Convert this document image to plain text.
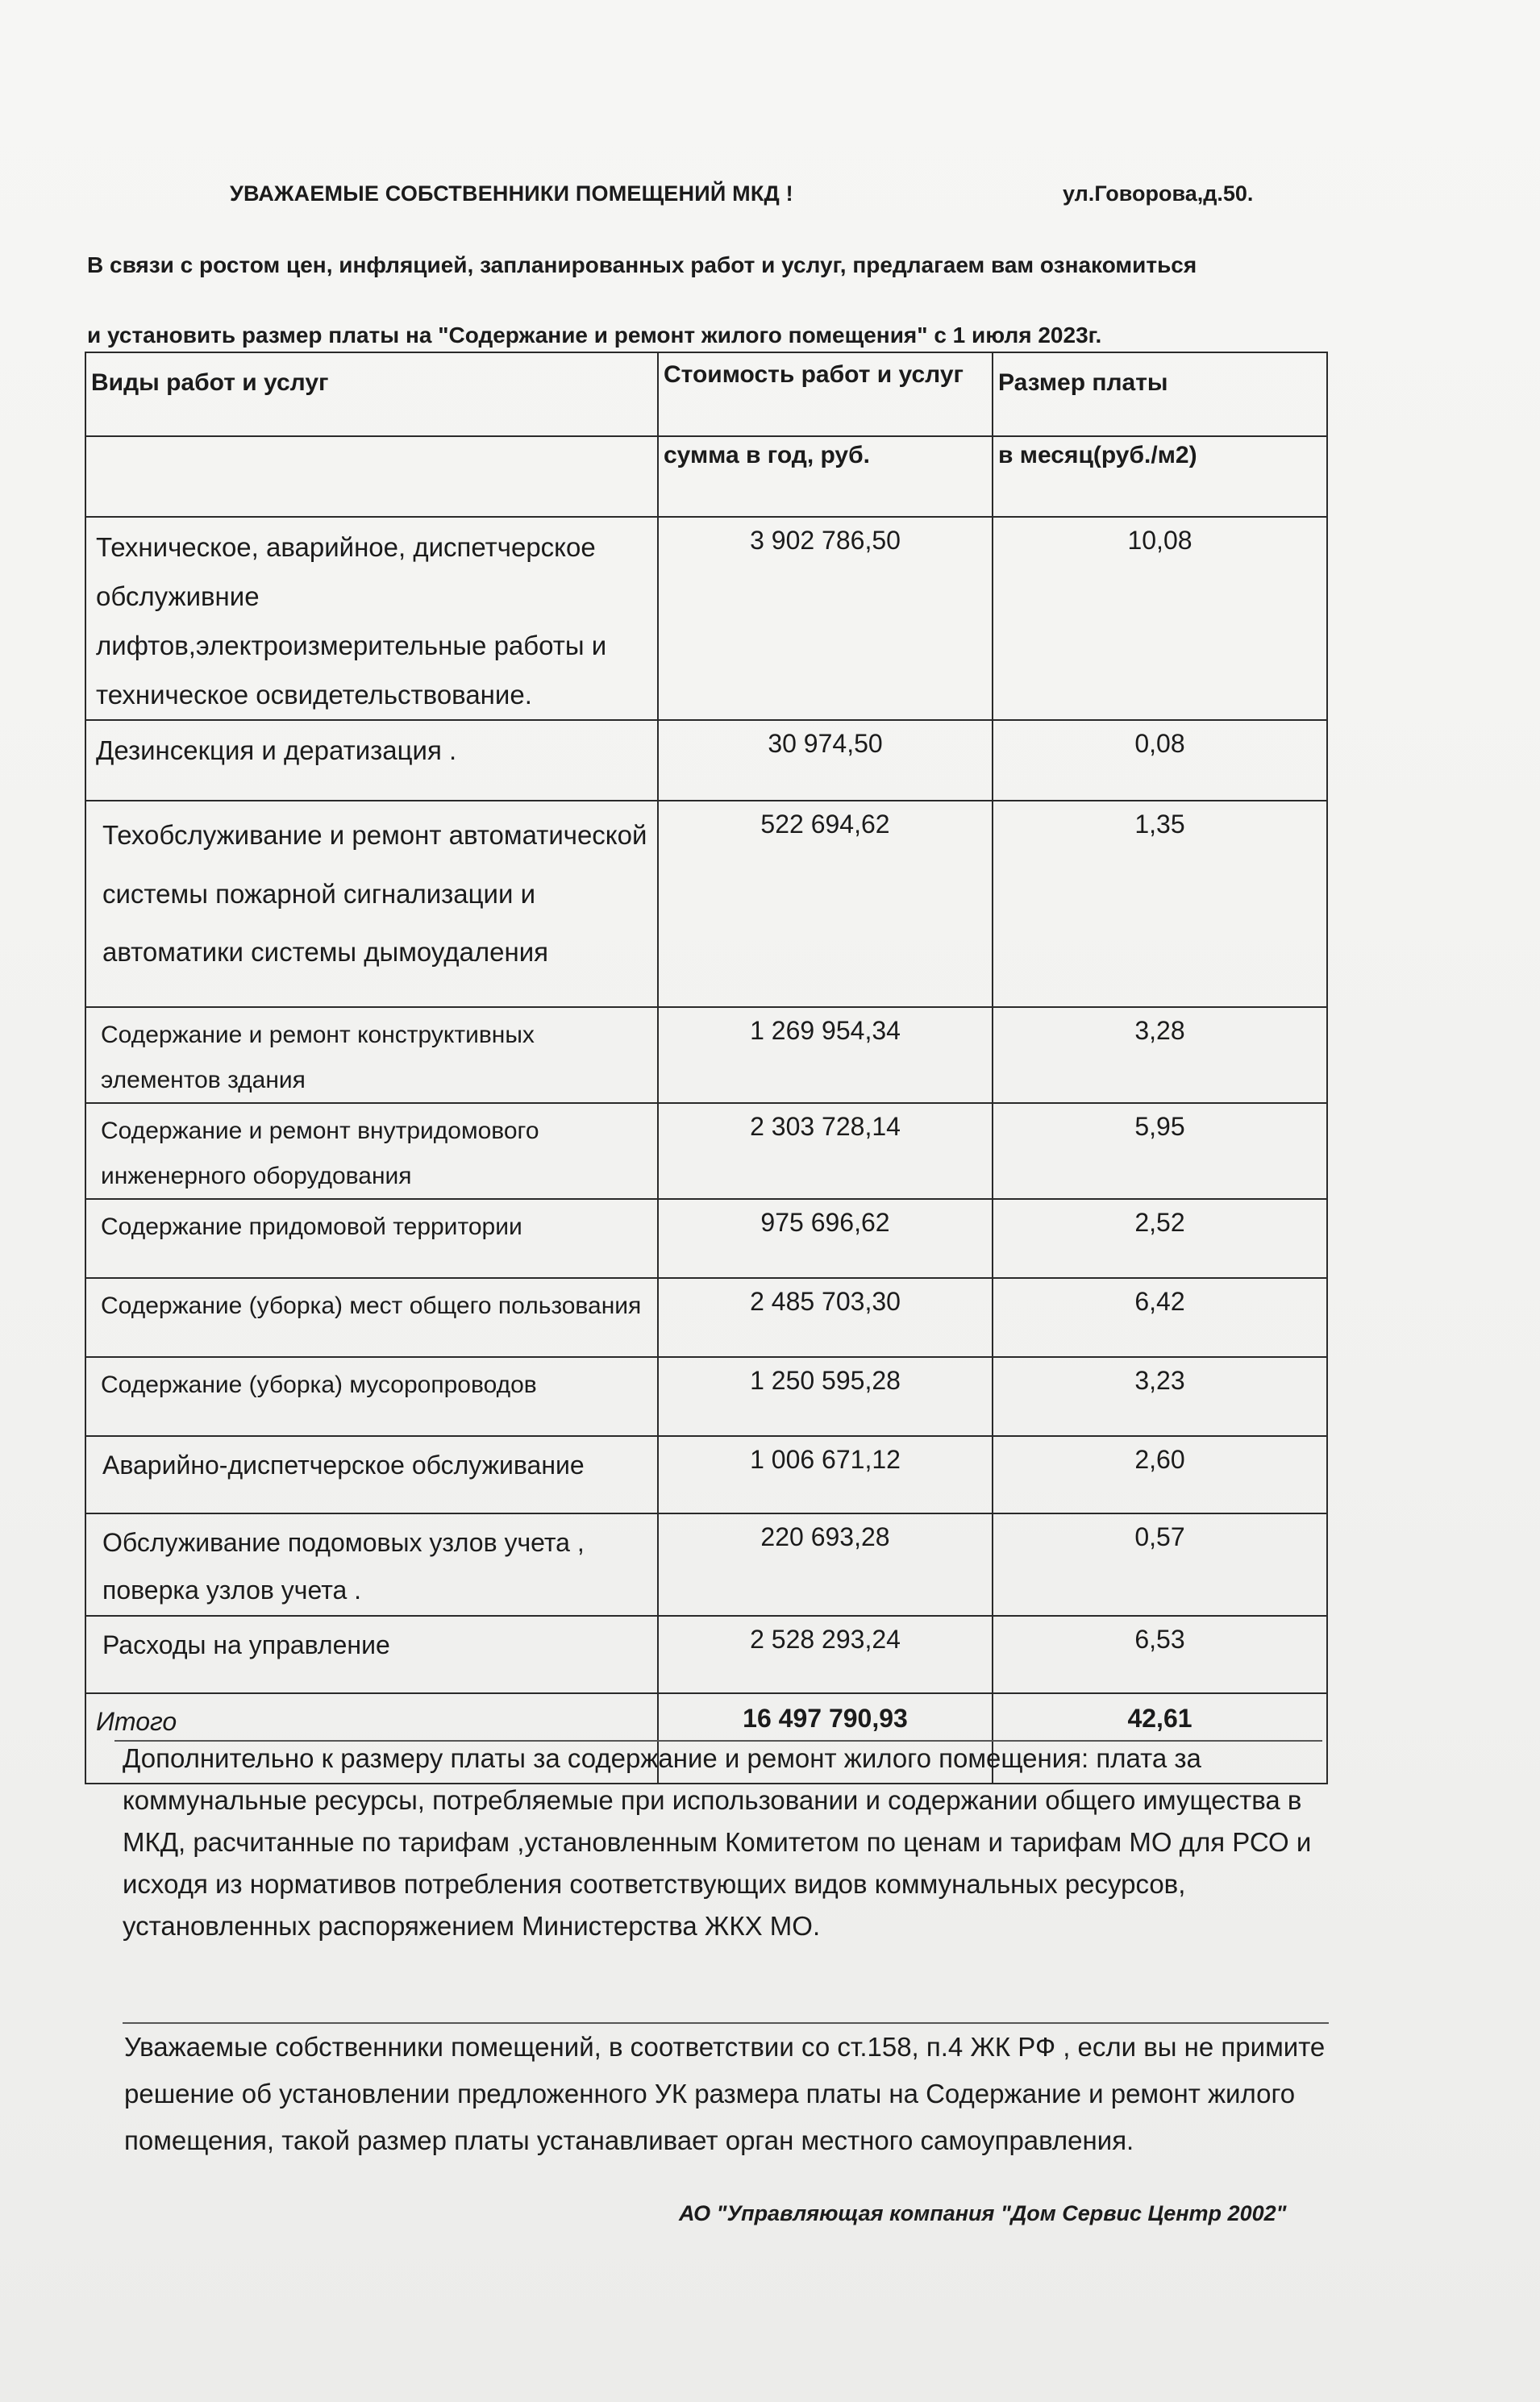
УВАЖАЕМЫЕ СОБСТВЕННИКИ ПОМЕЩЕНИЙ МКД !	ул.Говорова,д.50.
В связи с ростом цен, инфляцией, запланированных работ и услуг, предлагаем вам ознакомиться
и установить размер платы на "Содержание и ремонт жилого помещения" с 1 июля 2023г.
Виды работ и услуг	Стоимость работ и услуг	Размер платы

	сумма в год, руб.	в месяц(руб./м2)

Техническое, аварийное, диспетчерское обслуживние лифтов,электроизмерительные работы и техническое освидетельствование.	3 902 786,50	10,08

Дезинсекция и дератизация .	30 974,50	0,08

Техобслуживание и ремонт автоматической системы пожарной сигнализации и автоматики системы дымоудаления	522 694,62	1,35

Содержание и ремонт конструктивных элементов здания	1 269 954,34	3,28

Содержание и ремонт внутридомового инженерного оборудования	2 303 728,14	5,95

Содержание придомовой территории	975 696,62	2,52

Содержание (уборка) мест общего пользования	2 485 703,30	6,42

Содержание (уборка) мусоропроводов	1 250 595,28	3,23

Аварийно-диспетчерское обслуживание	1 006 671,12	2,60

Обслуживание подомовых узлов учета , поверка узлов учета .	220 693,28	0,57

Расходы на управление	2 528 293,24	6,53

Итого	16 497 790,93	42,61
Дополнительно к размеру платы за содержание и ремонт жилого помещения: плата за коммунальные ресурсы, потребляемые при использовании и содержании общего имущества в МКД, расчитанные по тарифам ,установленным Комитетом по ценам и тарифам МО для РСО и исходя из нормативов потребления соответствующих видов коммунальных ресурсов, установленных распоряжением Министерства ЖКХ МО.
Уважаемые собственники помещений, в соответствии со ст.158, п.4 ЖК РФ , если вы не примите решение об установлении предложенного УК размера платы на Содержание и ремонт жилого помещения, такой размер платы устанавливает орган местного самоуправления.
АО "Управляющая компания "Дом Сервис Центр 2002"
